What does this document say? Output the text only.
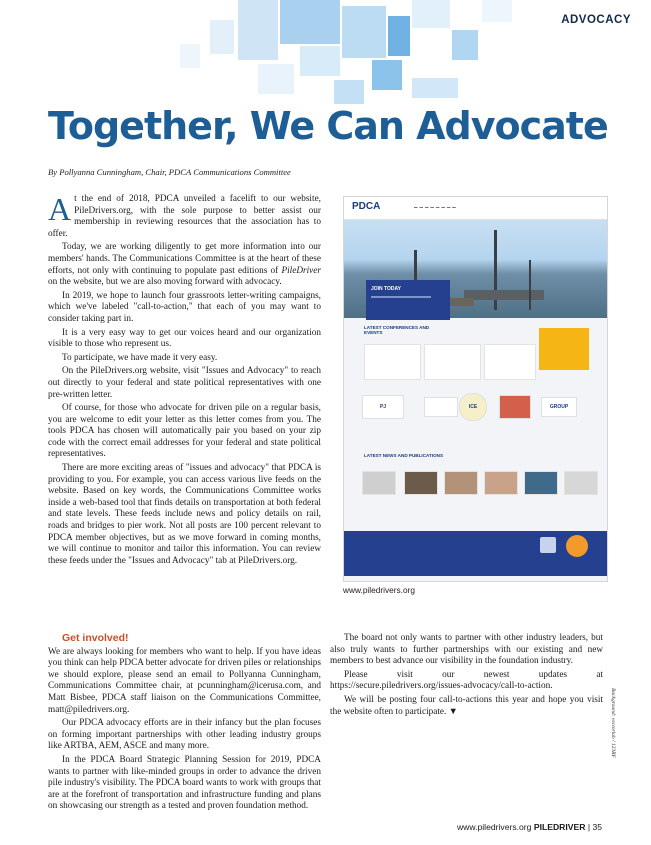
ADVOCACY
Together, We Can Advocate
By Pollyanna Cunningham, Chair, PDCA Communications Committee

At the end of 2018, PDCA unveiled a facelift to our website, PileDrivers.org, with the sole purpose to better assist our membership in reviewing resources that the association has to offer.

Today, we are working diligently to get more information into our members' hands. The Communications Committee is at the heart of these efforts, not only with continuing to populate past editions of PileDriver on the website, but we are also moving forward with advocacy.

In 2019, we hope to launch four grassroots letter-writing campaigns, which we've labeled "call-to-action," that each of you may want to consider taking part in.

It is a very easy way to get our voices heard and our organization visible to those who represent us.

To participate, we have made it very easy.

On the PileDrivers.org website, visit "Issues and Advocacy" to reach out directly to your federal and state political representatives with one pre-written letter.

Of course, for those who advocate for driven pile on a regular basis, you are welcome to edit your letter as this letter comes from you. The tools PDCA has chosen will automatically pair you based on your zip code with the correct email addresses for your federal and state political representatives.

There are more exciting areas of "issues and advocacy" that PDCA is providing to you. For example, you can access various live feeds on the website. Based on key words, the Communications Committee works inside a web-based tool that finds details on transportation at both federal and state levels. These feeds include news and policy details on rail, roads and bridges to pier work. Not all posts are 100 percent relevant to PDCA member objectives, but as we move forward in coming months, we will continue to monitor and tailor this information. You can review these feeds under the "Issues and Advocacy" tab at PileDrivers.org.

PDCA	▬ ▬ ▬ ▬ ▬ ▬ ▬ ▬
JOIN TODAY
LATEST CONFERENCES AND EVENTS
PJ	ICE	GROUP
LATEST NEWS AND PUBLICATIONS
www.piledrivers.org

Get involved!

We are always looking for members who want to help. If you have ideas you think can help PDCA better advocate for driven piles or relationships we should explore, please send an email to Pollyanna Cunningham, Communications Committee chair, at pcunningham@icerusa.com, and Matt Bisbee, PDCA staff liaison on the Communications Committee, matt@piledrivers.org.

Our PDCA advocacy efforts are in their infancy but the plan focuses on forming important partnerships with other leading industry groups like ARTBA, AEM, ASCE and many more.

In the PDCA Board Strategic Planning Session for 2019, PDCA wants to partner with like-minded groups in order to advance the driven pile industry's visibility. The PDCA board wants to work with groups that are at the forefront of transportation and infrastructure funding and plans on showcasing our strength as a tested and proven foundation method.

The board not only wants to partner with other industry leaders, but also truly wants to further partnerships with our existing and new members to best advance our visibility in the foundation industry.

Please visit our newest updates at https://secure.piledrivers.org/issues-advocacy/call-to-action.

We will be posting four call-to-actions this year and hope you visit the website often to participate. ▼	Background: vectorlab / 123RF
www.piledrivers.org PILEDRIVER | 35
